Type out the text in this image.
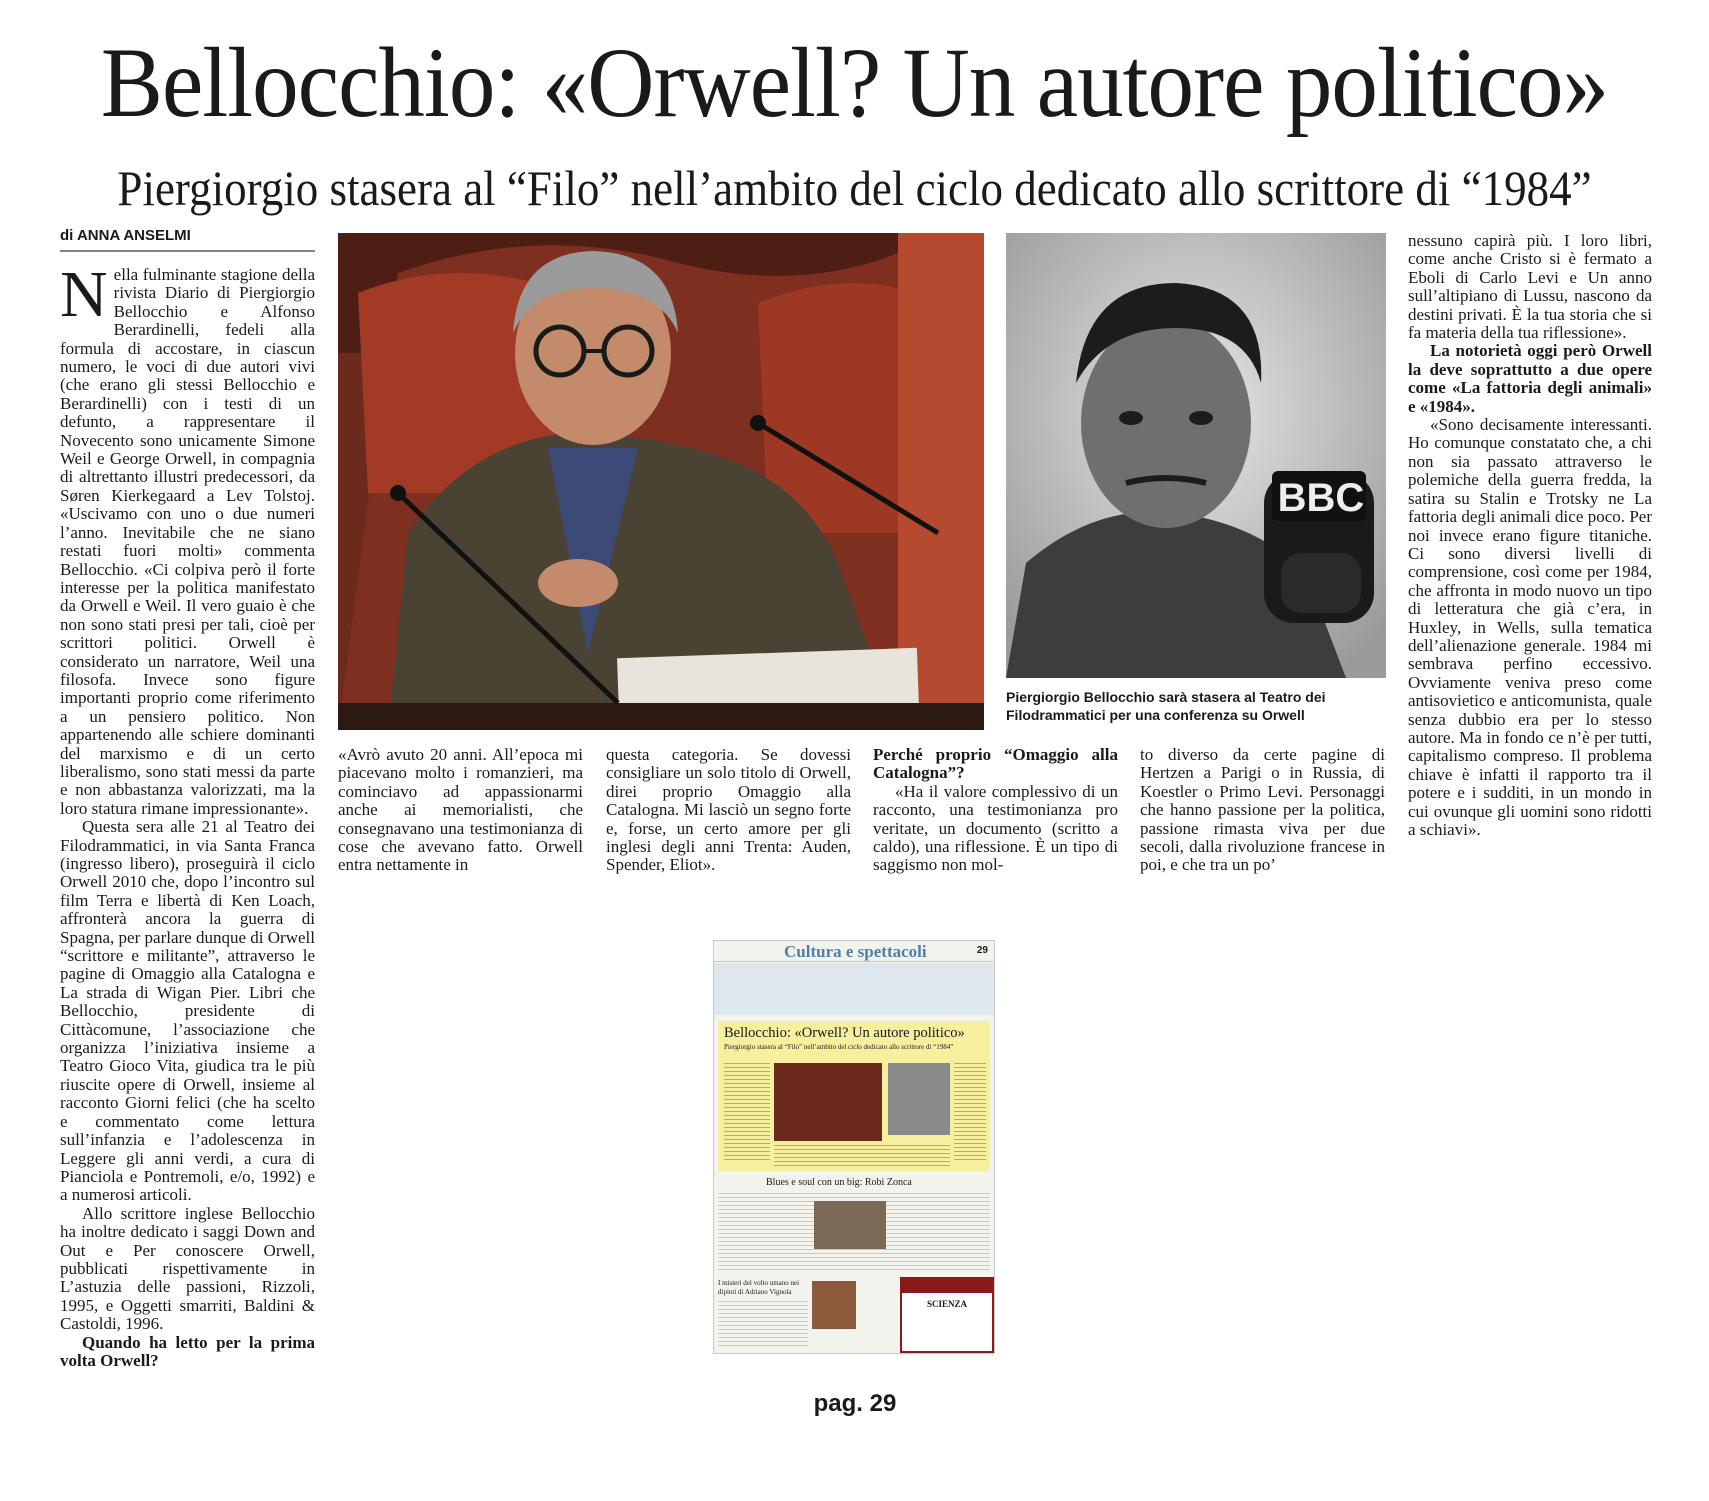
Bellocchio: «Orwell? Un autore politico»
Piergiorgio stasera al “Filo” nell’ambito del ciclo dedicato allo scrittore di “1984”
di ANNA ANSELMI

Nella fulminante stagione della rivista Diario di Piergiorgio Bellocchio e Alfonso Berardinelli, fedeli alla formula di accostare, in ciascun numero, le voci di due autori vivi (che erano gli stessi Bellocchio e Berardinelli) con i testi di un defunto, a rappresentare il Novecento sono unicamente Simone Weil e George Orwell, in compagnia di altrettanto illustri predecessori, da Søren Kierkegaard a Lev Tolstoj. «Uscivamo con uno o due numeri l’anno. Inevitabile che ne siano restati fuori molti» commenta Bellocchio. «Ci colpiva però il forte interesse per la politica manifestato da Orwell e Weil. Il vero guaio è che non sono stati presi per tali, cioè per scrittori politici. Orwell è considerato un narratore, Weil una filosofa. Invece sono figure importanti proprio come riferimento a un pensiero politico. Non appartenendo alle schiere dominanti del marxismo e di un certo liberalismo, sono stati messi da parte e non abbastanza valorizzati, ma la loro statura rimane impressionante».

Questa sera alle 21 al Teatro dei Filodrammatici, in via Santa Franca (ingresso libero), proseguirà il ciclo Orwell 2010 che, dopo l’incontro sul film Terra e libertà di Ken Loach, affronterà ancora la guerra di Spagna, per parlare dunque di Orwell “scrittore e militante”, attraverso le pagine di Omaggio alla Catalogna e La strada di Wigan Pier. Libri che Bellocchio, presidente di Cittàcomune, l’associazione che organizza l’iniziativa insieme a Teatro Gioco Vita, giudica tra le più riuscite opere di Orwell, insieme al racconto Giorni felici (che ha scelto e commentato come lettura sull’infanzia e l’adolescenza in Leggere gli anni verdi, a cura di Pianciola e Pontremoli, e/o, 1992) e a numerosi articoli.

Allo scrittore inglese Bellocchio ha inoltre dedicato i saggi Down and Out e Per conoscere Orwell, pubblicati rispettivamente in L’astuzia delle passioni, Rizzoli, 1995, e Oggetti smarriti, Baldini & Castoldi, 1996.

Quando ha letto per la prima volta Orwell?

BBC
Piergiorgio Bellocchio sarà stasera al Teatro dei Filodrammatici per una conferenza su Orwell

«Avrò avuto 20 anni. All’epoca mi piacevano molto i romanzieri, ma cominciavo ad appassionarmi anche ai memorialisti, che consegnavano una testimonianza di cose che avevano fatto. Orwell entra nettamente in

questa categoria. Se dovessi consigliare un solo titolo di Orwell, direi proprio Omaggio alla Catalogna. Mi lasciò un segno forte e, forse, un certo amore per gli inglesi degli anni Trenta: Auden, Spender, Eliot».

Perché proprio “Omaggio alla Catalogna”?

«Ha il valore complessivo di un racconto, una testimonianza pro veritate, un documento (scritto a caldo), una riflessione. È un tipo di saggismo non mol-

to diverso da certe pagine di Hertzen a Parigi o in Russia, di Koestler o Primo Levi. Personaggi che hanno passione per la politica, passione rimasta viva per due secoli, dalla rivoluzione francese in poi, e che tra un po’

nessuno capirà più. I loro libri, come anche Cristo si è fermato a Eboli di Carlo Levi e Un anno sull’altipiano di Lussu, nascono da destini privati. È la tua storia che si fa materia della tua riflessione».

La notorietà oggi però Orwell la deve soprattutto a due opere come «La fattoria degli animali» e «1984».

«Sono decisamente interessanti. Ho comunque constatato che, a chi non sia passato attraverso le polemiche della guerra fredda, la satira su Stalin e Trotsky ne La fattoria degli animali dice poco. Per noi invece erano figure titaniche. Ci sono diversi livelli di comprensione, così come per 1984, che affronta in modo nuovo un tipo di letteratura che già c’era, in Huxley, in Wells, sulla tematica dell’alienazione generale. 1984 mi sembrava perfino eccessivo. Ovviamente veniva preso come antisovietico e anticomunista, quale senza dubbio era per lo stesso autore. Ma in fondo ce n’è per tutti, capitalismo compreso. Il problema chiave è infatti il rapporto tra il potere e i sudditi, in un mondo in cui ovunque gli uomini sono ridotti a schiavi».

Cultura e spettacoli	29
Bellocchio: «Orwell? Un autore politico»
Piergiorgio stasera al “Filo” nell’ambito del ciclo dedicato allo scrittore di “1984”
Blues e soul con un big: Robi Zonca
I misteri del volto umano nei dipinti di Adriano Vignola
SCIENZA
pag. 29
